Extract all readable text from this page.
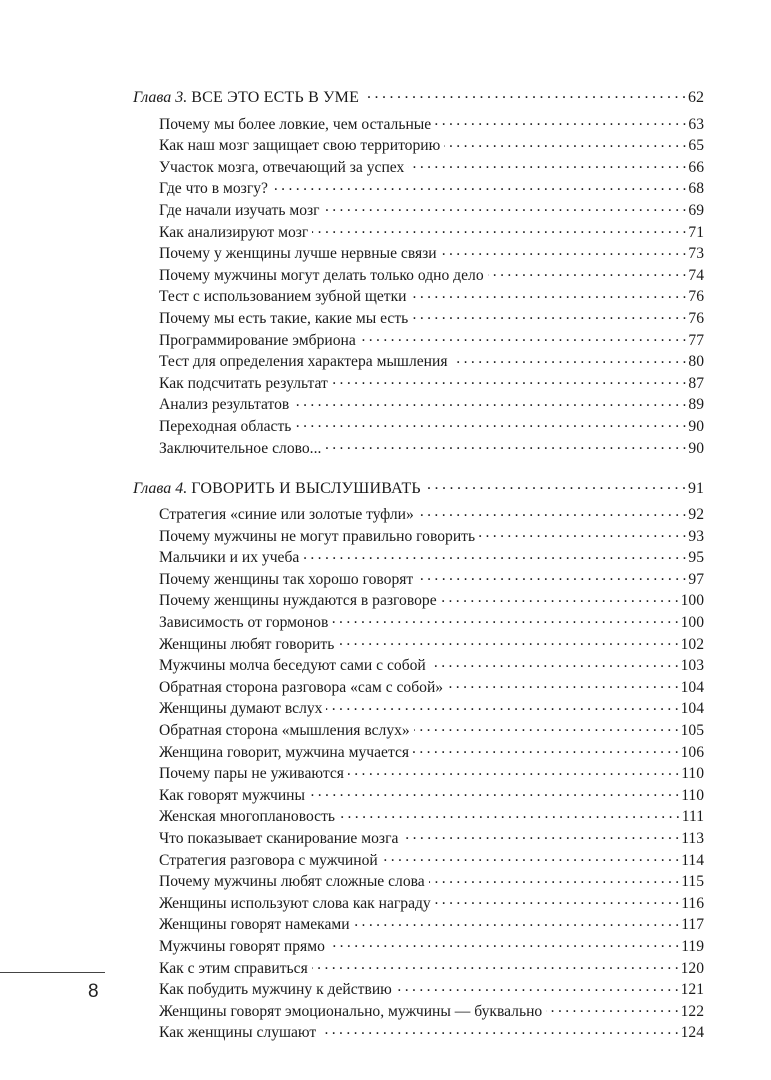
Глава 3. ВСЕ ЭТО ЕСТЬ В УМЕ . . .	62
Почему мы более ловкие, чем остальные . . .	63
Как наш мозг защищает свою территорию . . .	65
Участок мозга, отвечающий за успех . . .	66
Где что в мозгу? . . .	68
Где начали изучать мозг . . .	69
Как анализируют мозг . . .	71
Почему у женщины лучше нервные связи . . .	73
Почему мужчины могут делать только одно дело . . .	74
Тест с использованием зубной щетки . . .	76
Почему мы есть такие, какие мы есть . . .	76
Программирование эмбриона . . .	77
Тест для определения характера мышления . . .	80
Как подсчитать результат . . .	87
Анализ результатов . . .	89
Переходная область . . .	90
Заключительное слово... . . .	90
Глава 4. ГОВОРИТЬ И ВЫСЛУШИВАТЬ . . .	91
Стратегия «синие или золотые туфли» . . .	92
Почему мужчины не могут правильно говорить . . .	93
Мальчики и их учеба . . .	95
Почему женщины так хорошо говорят . . .	97
Почему женщины нуждаются в разговоре . . .	100
Зависимость от гормонов . . .	100
Женщины любят говорить . . .	102
Мужчины молча беседуют сами с собой . . .	103
Обратная сторона разговора «сам с собой» . . .	104
Женщины думают вслух . . .	104
Обратная сторона «мышления вслух» . . .	105
Женщина говорит, мужчина мучается . . .	106
Почему пары не уживаются . . .	110
Как говорят мужчины . . .	110
Женская многоплановость . . .	111
Что показывает сканирование мозга . . .	113
Стратегия разговора с мужчиной . . .	114
Почему мужчины любят сложные слова . . .	115
Женщины используют слова как награду . . .	116
Женщины говорят намеками . . .	117
Мужчины говорят прямо . . .	119
Как с этим справиться . . .	120
Как побудить мужчину к действию . . .	121
Женщины говорят эмоционально, мужчины — буквально . . .	122
Как женщины слушают . . .	124
8
